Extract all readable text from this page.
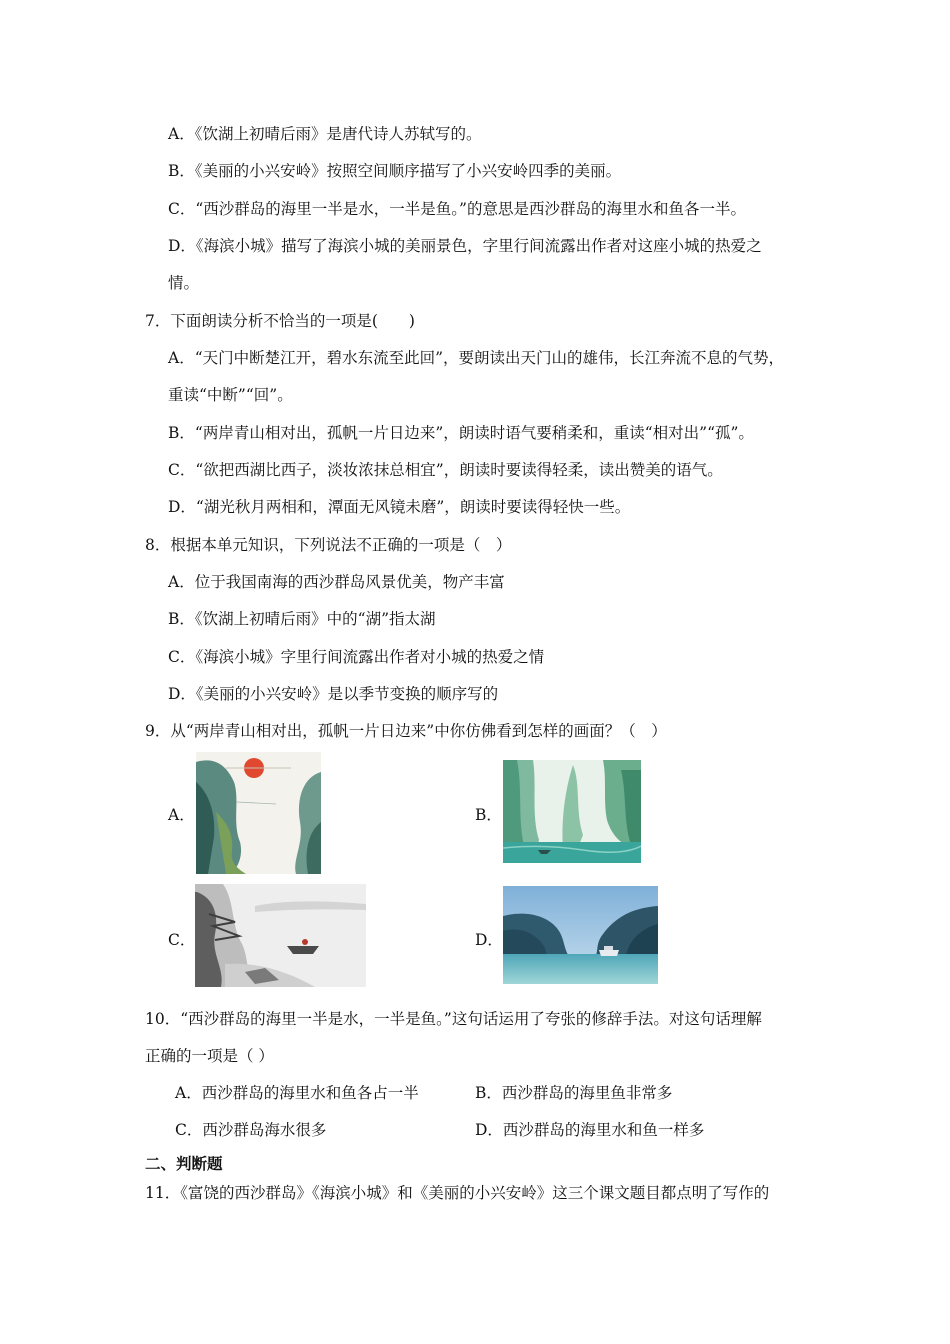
A．《饮湖上初晴后雨》是唐代诗人苏轼写的。
B．《美丽的小兴安岭》按照空间顺序描写了小兴安岭四季的美丽。
C．“西沙群岛的海里一半是水，一半是鱼。”的意思是西沙群岛的海里水和鱼各一半。
D．《海滨小城》描写了海滨小城的美丽景色，字里行间流露出作者对这座小城的热爱之
情。
7．下面朗读分析不恰当的一项是(　　)
A．“天门中断楚江开，碧水东流至此回”，要朗读出天门山的雄伟，长江奔流不息的气势，
重读“中断”“回”。
B．“两岸青山相对出，孤帆一片日边来”，朗读时语气要稍柔和，重读“相对出”“孤”。
C．“欲把西湖比西子，淡妆浓抹总相宜”，朗读时要读得轻柔，读出赞美的语气。
D．“湖光秋月两相和，潭面无风镜未磨”，朗读时要读得轻快一些。
8．根据本单元知识，下列说法不正确的一项是（　）
A．位于我国南海的西沙群岛风景优美，物产丰富
B．《饮湖上初晴后雨》中的“湖”指太湖
C．《海滨小城》字里行间流露出作者对小城的热爱之情
D．《美丽的小兴安岭》是以季节变换的顺序写的
9．从“两岸青山相对出，孤帆一片日边来”中你仿佛看到怎样的画面？（　）
A．	B．
C．	D．
10．“西沙群岛的海里一半是水，一半是鱼。”这句话运用了夸张的修辞手法。对这句话理解
正确的一项是（ ）
A．西沙群岛的海里水和鱼各占一半	B．西沙群岛的海里鱼非常多
C．西沙群岛海水很多	D．西沙群岛的海里水和鱼一样多
二、判断题
11．《富饶的西沙群岛》《海滨小城》和《美丽的小兴安岭》这三个课文题目都点明了写作的
